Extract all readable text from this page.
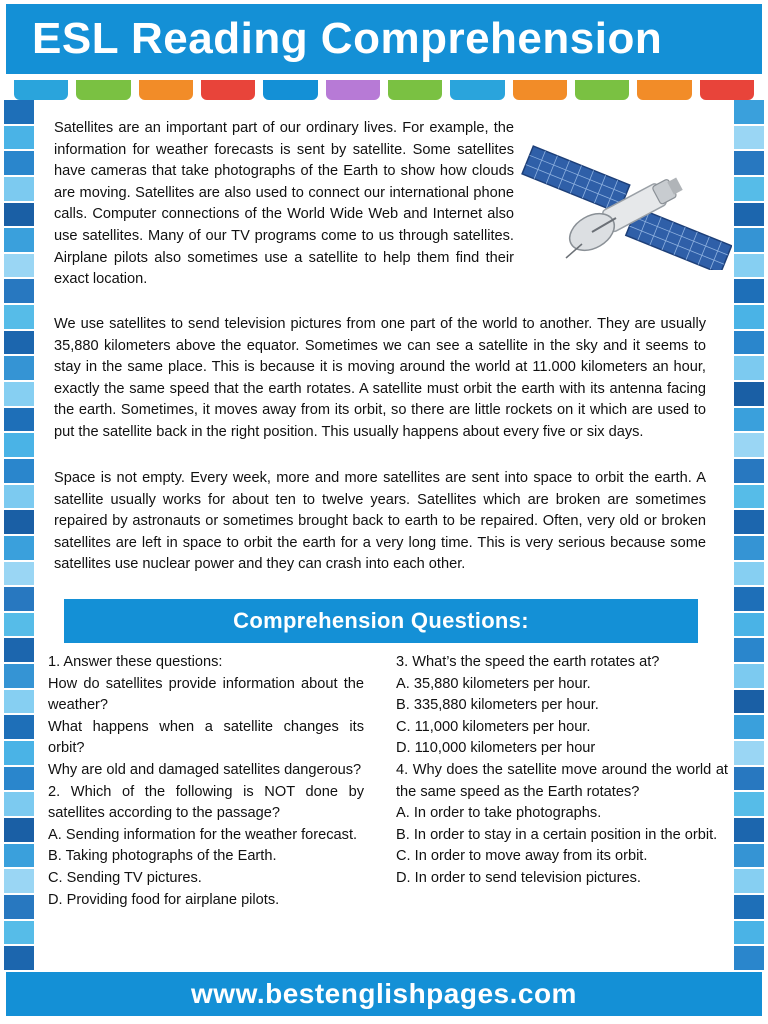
ESL Reading Comprehension

Satellites are an important part of our ordinary lives. For example, the information for weather forecasts is sent by satellite. Some satellites have cameras that take photographs of the Earth to show how clouds are moving. Satellites are also used to connect our international phone calls. Computer connections of the World Wide Web and Internet also use satellites. Many of our TV programs come to us through satellites. Airplane pilots also sometimes use a satellite to help them find their exact location.

We use satellites to send television pictures from one part of the world to another. They are usually 35,880 kilometers above the equator. Sometimes we can see a satellite in the sky and it seems to stay in the same place. This is because it is moving around the world at 11.000 kilometers an hour, exactly the same speed that the earth rotates. A satellite must orbit the earth with its antenna facing the earth. Sometimes, it moves away from its orbit, so there are little rockets on it which are used to put the satellite back in the right position. This usually happens about every five or six days.

Space is not empty. Every week, more and more satellites are sent into space to orbit the earth. A satellite usually works for about ten to twelve years. Satellites which are broken are sometimes repaired by astronauts or sometimes brought back to earth to be repaired. Often, very old or broken satellites are left in space to orbit the earth for a very long time. This is very serious because some satellites use nuclear power and they can crash into each other.

Comprehension Questions:

1. Answer these questions:

How do satellites provide information about the weather?

What happens when a satellite changes its orbit?

Why are old and damaged satellites dangerous?

2. Which of the following is NOT done by satellites according to the passage?

A. Sending information for the weather forecast.

B. Taking photographs of the Earth.

C. Sending TV pictures.

D. Providing food for airplane pilots.

3. What’s the speed the earth rotates at?

A. 35,880 kilometers per hour.

B. 335,880 kilometers per hour.

C. 11,000 kilometers per hour.

D. 110,000 kilometers per hour

4. Why does the satellite move around the world at the same speed as the Earth rotates?

A. In order to take photographs.

B. In order to stay in a certain position in the orbit.

C. In order to move away from its orbit.

D. In order to send television pictures.

www.bestenglishpages.com
